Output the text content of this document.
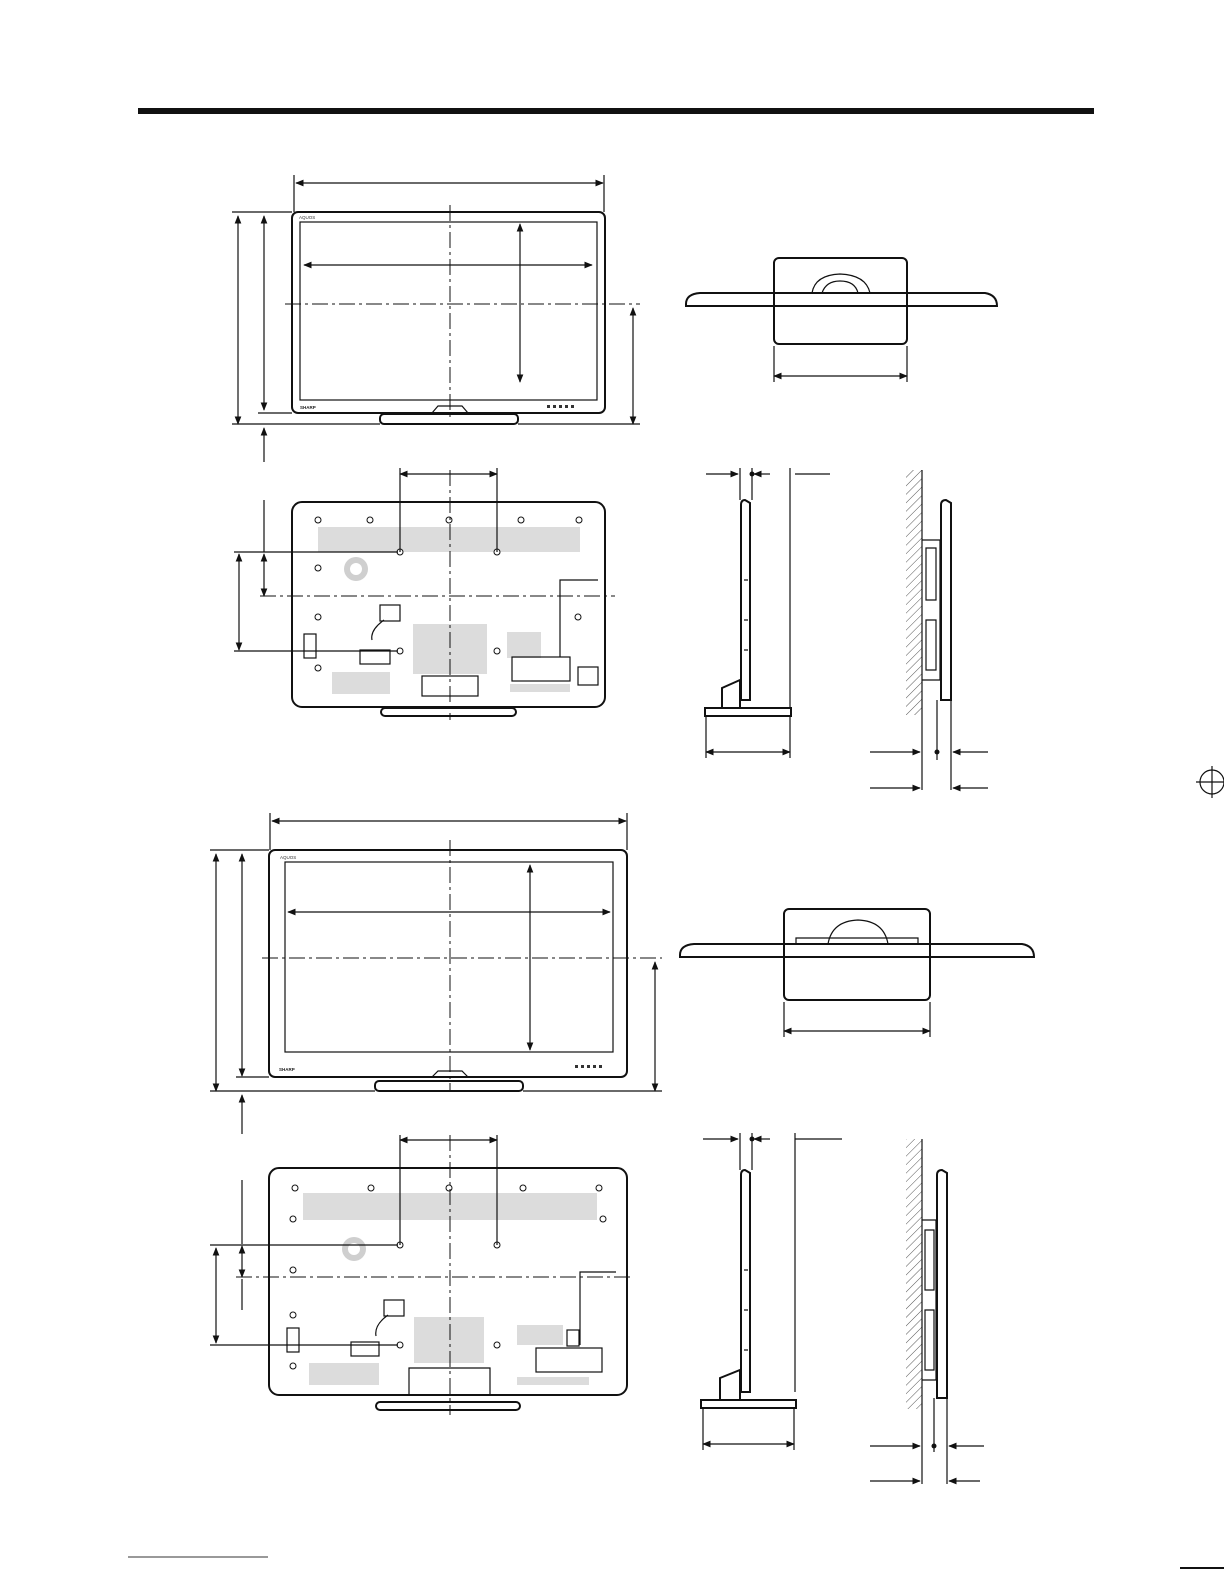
SHARP
AQUOS
SHARP
AQUOS
